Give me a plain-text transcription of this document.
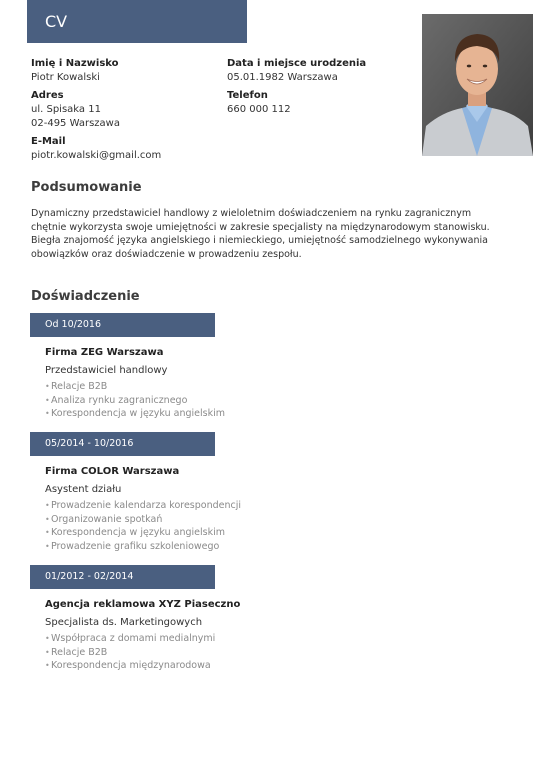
CV
Imię i Nazwisko
Piotr Kowalski
Adres
ul. Spisaka 11
02-495 Warszawa
E-Mail
piotr.kowalski@gmail.com
Data i miejsce urodzenia
05.01.1982 Warszawa
Telefon
660 000 112
Podsumowanie
Dynamiczny przedstawiciel handlowy z wieloletnim doświadczeniem na rynku zagranicznym chętnie wykorzysta swoje umiejętności w zakresie specjalisty na międzynarodowym stanowisku. Biegła znajomość języka angielskiego i niemieckiego, umiejętność samodzielnego wykonywania obowiązków oraz doświadczenie w prowadzeniu zespołu.
Doświadczenie
Od 10/2016
Firma ZEG Warszawa
Przedstawiciel handlowy
• Relacje B2B
• Analiza rynku zagranicznego
• Korespondencja w języku angielskim
05/2014 - 10/2016
Firma COLOR Warszawa
Asystent działu
• Prowadzenie kalendarza korespondencji
• Organizowanie spotkań
• Korespondencja w języku angielskim
• Prowadzenie grafiku szkoleniowego
01/2012 - 02/2014
Agencja reklamowa XYZ Piaseczno
Specjalista ds. Marketingowych
• Współpraca z domami medialnymi
• Relacje B2B
• Korespondencja międzynarodowa
